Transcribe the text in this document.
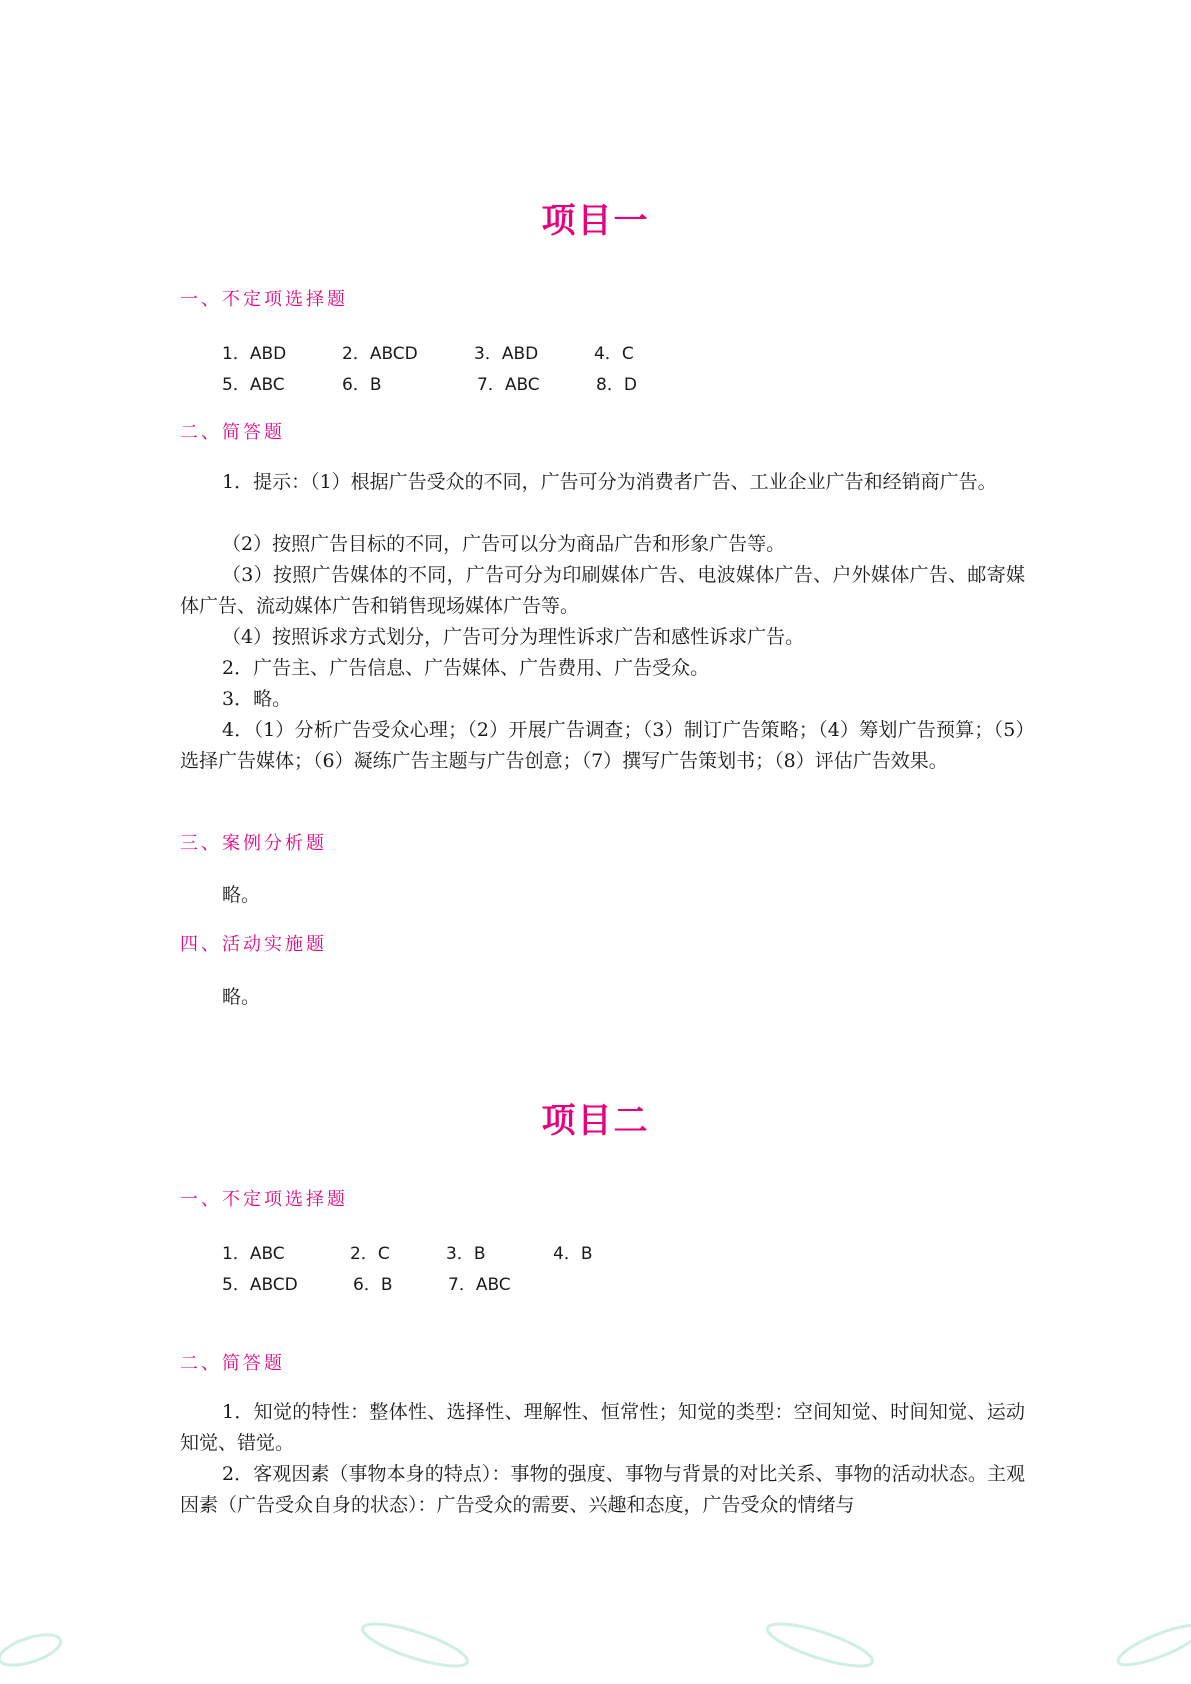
项目一
一、不定项选择题
1．ABD	2．ABCD	3．ABD	4．C
5．ABC	6．B	7．ABC	8．D
二、简答题
1．提示：（1）根据广告受众的不同，广告可分为消费者广告、工业企业广告和经销商广告。
（2）按照广告目标的不同，广告可以分为商品广告和形象广告等。
（3）按照广告媒体的不同，广告可分为印刷媒体广告、电波媒体广告、户外媒体广告、邮寄媒体广告、流动媒体广告和销售现场媒体广告等。
（4）按照诉求方式划分，广告可分为理性诉求广告和感性诉求广告。
2．广告主、广告信息、广告媒体、广告费用、广告受众。
3．略。
4．（1）分析广告受众心理；（2）开展广告调查；（3）制订广告策略；（4）筹划广告预算；（5）选择广告媒体；（6）凝练广告主题与广告创意；（7）撰写广告策划书；（8）评估广告效果。
三、案例分析题
略。
四、活动实施题
略。
项目二
一、不定项选择题
1．ABC	2．C	3．B	4．B
5．ABCD	6．B	7．ABC
二、简答题
1．知觉的特性：整体性、选择性、理解性、恒常性；知觉的类型：空间知觉、时间知觉、运动知觉、错觉。
2．客观因素（事物本身的特点）：事物的强度、事物与背景的对比关系、事物的活动状态。主观因素（广告受众自身的状态）：广告受众的需要、兴趣和态度，广告受众的情绪与
